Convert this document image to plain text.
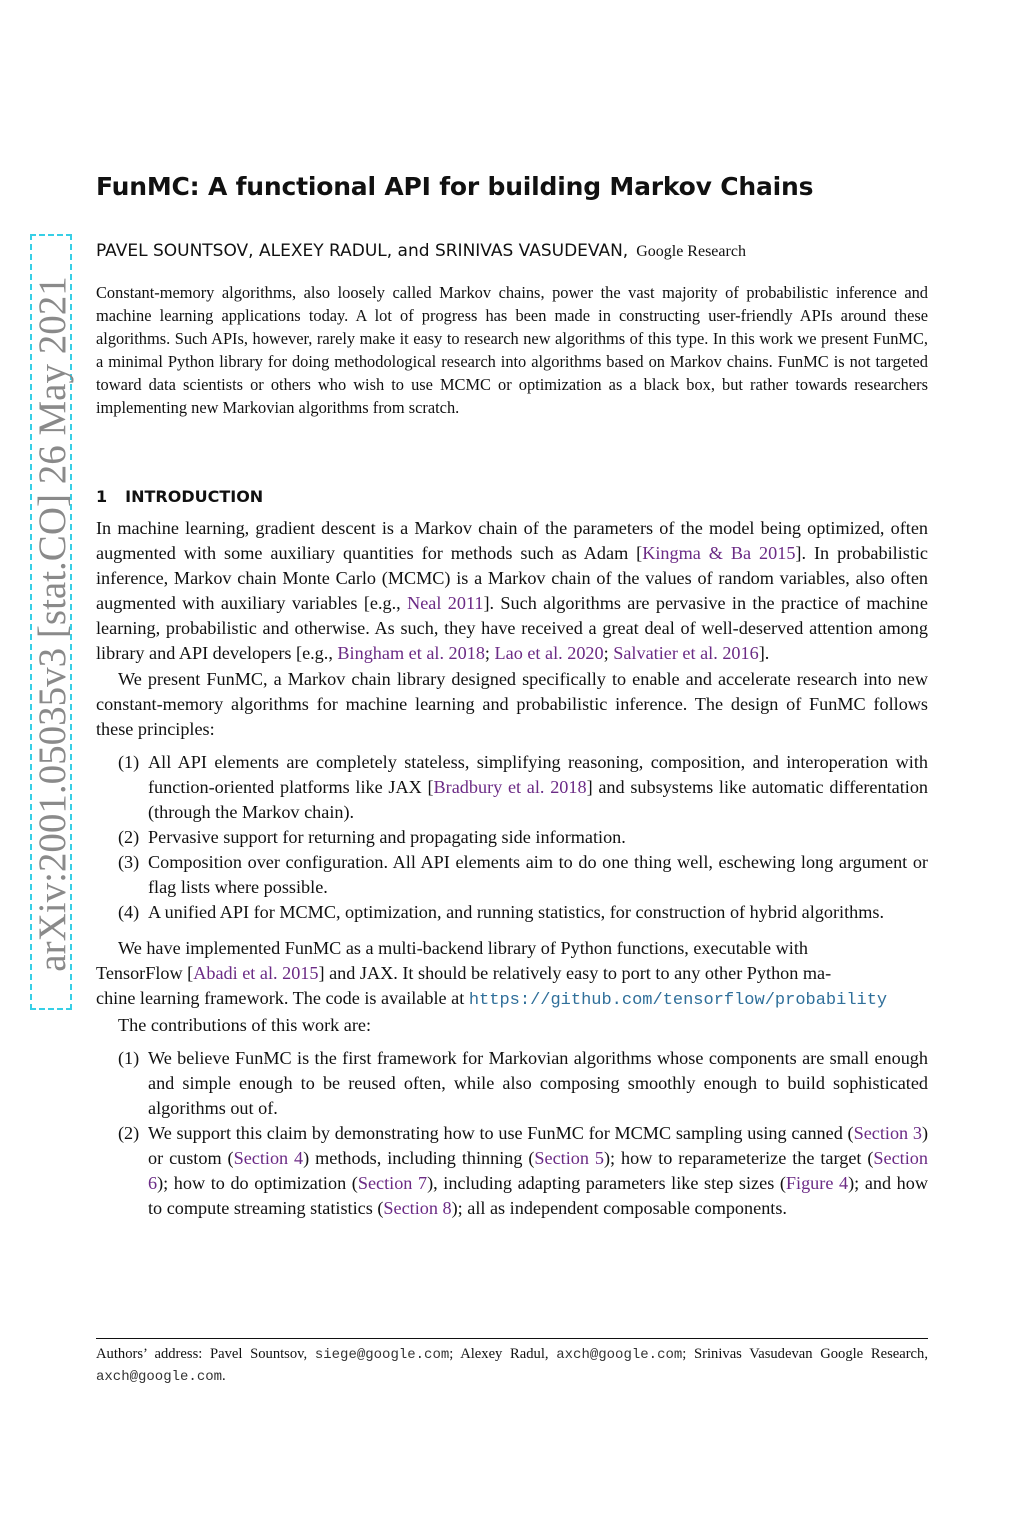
arXiv:2001.05035v3 [stat.CO] 26 May 2021
FunMC: A functional API for building Markov Chains
PAVEL SOUNTSOV, ALEXEY RADUL, and SRINIVAS VASUDEVAN, Google Research

Constant-memory algorithms, also loosely called Markov chains, power the vast majority of probabilistic inference and machine learning applications today. A lot of progress has been made in constructing user-friendly APIs around these algorithms. Such APIs, however, rarely make it easy to research new algorithms of this type. In this work we present FunMC, a minimal Python library for doing methodological research into algorithms based on Markov chains. FunMC is not targeted toward data scientists or others who wish to use MCMC or optimization as a black box, but rather towards researchers implementing new Markovian algorithms from scratch.

1 INTRODUCTION

In machine learning, gradient descent is a Markov chain of the parameters of the model being optimized, often augmented with some auxiliary quantities for methods such as Adam [Kingma & Ba 2015]. In probabilistic inference, Markov chain Monte Carlo (MCMC) is a Markov chain of the values of random variables, also often augmented with auxiliary variables [e.g., Neal 2011]. Such algorithms are pervasive in the practice of machine learning, probabilistic and otherwise. As such, they have received a great deal of well-deserved attention among library and API developers [e.g., Bingham et al. 2018; Lao et al. 2020; Salvatier et al. 2016].

We present FunMC, a Markov chain library designed specifically to enable and accelerate research into new constant-memory algorithms for machine learning and probabilistic inference. The design of FunMC follows these principles:

(1) All API elements are completely stateless, simplifying reasoning, composition, and interoperation with function-oriented platforms like JAX [Bradbury et al. 2018] and subsystems like automatic differentation (through the Markov chain).
(2) Pervasive support for returning and propagating side information.
(3) Composition over configuration. All API elements aim to do one thing well, eschewing long argument or flag lists where possible.
(4) A unified API for MCMC, optimization, and running statistics, for construction of hybrid algorithms.

We have implemented FunMC as a multi-backend library of Python functions, executable with

TensorFlow [Abadi et al. 2015] and JAX. It should be relatively easy to port to any other Python ma-

chine learning framework. The code is available at https://github.com/tensorflow/probability

The contributions of this work are:

(1) We believe FunMC is the first framework for Markovian algorithms whose components are small enough and simple enough to be reused often, while also composing smoothly enough to build sophisticated algorithms out of.
(2) We support this claim by demonstrating how to use FunMC for MCMC sampling using canned (Section 3) or custom (Section 4) methods, including thinning (Section 5); how to reparameterize the target (Section 6); how to do optimization (Section 7), including adapting parameters like step sizes (Figure 4); and how to compute streaming statistics (Section 8); all as independent composable components.

Authors’ address: Pavel Sountsov, siege@google.com; Alexey Radul, axch@google.com; Srinivas Vasudevan Google Research, axch@google.com.
